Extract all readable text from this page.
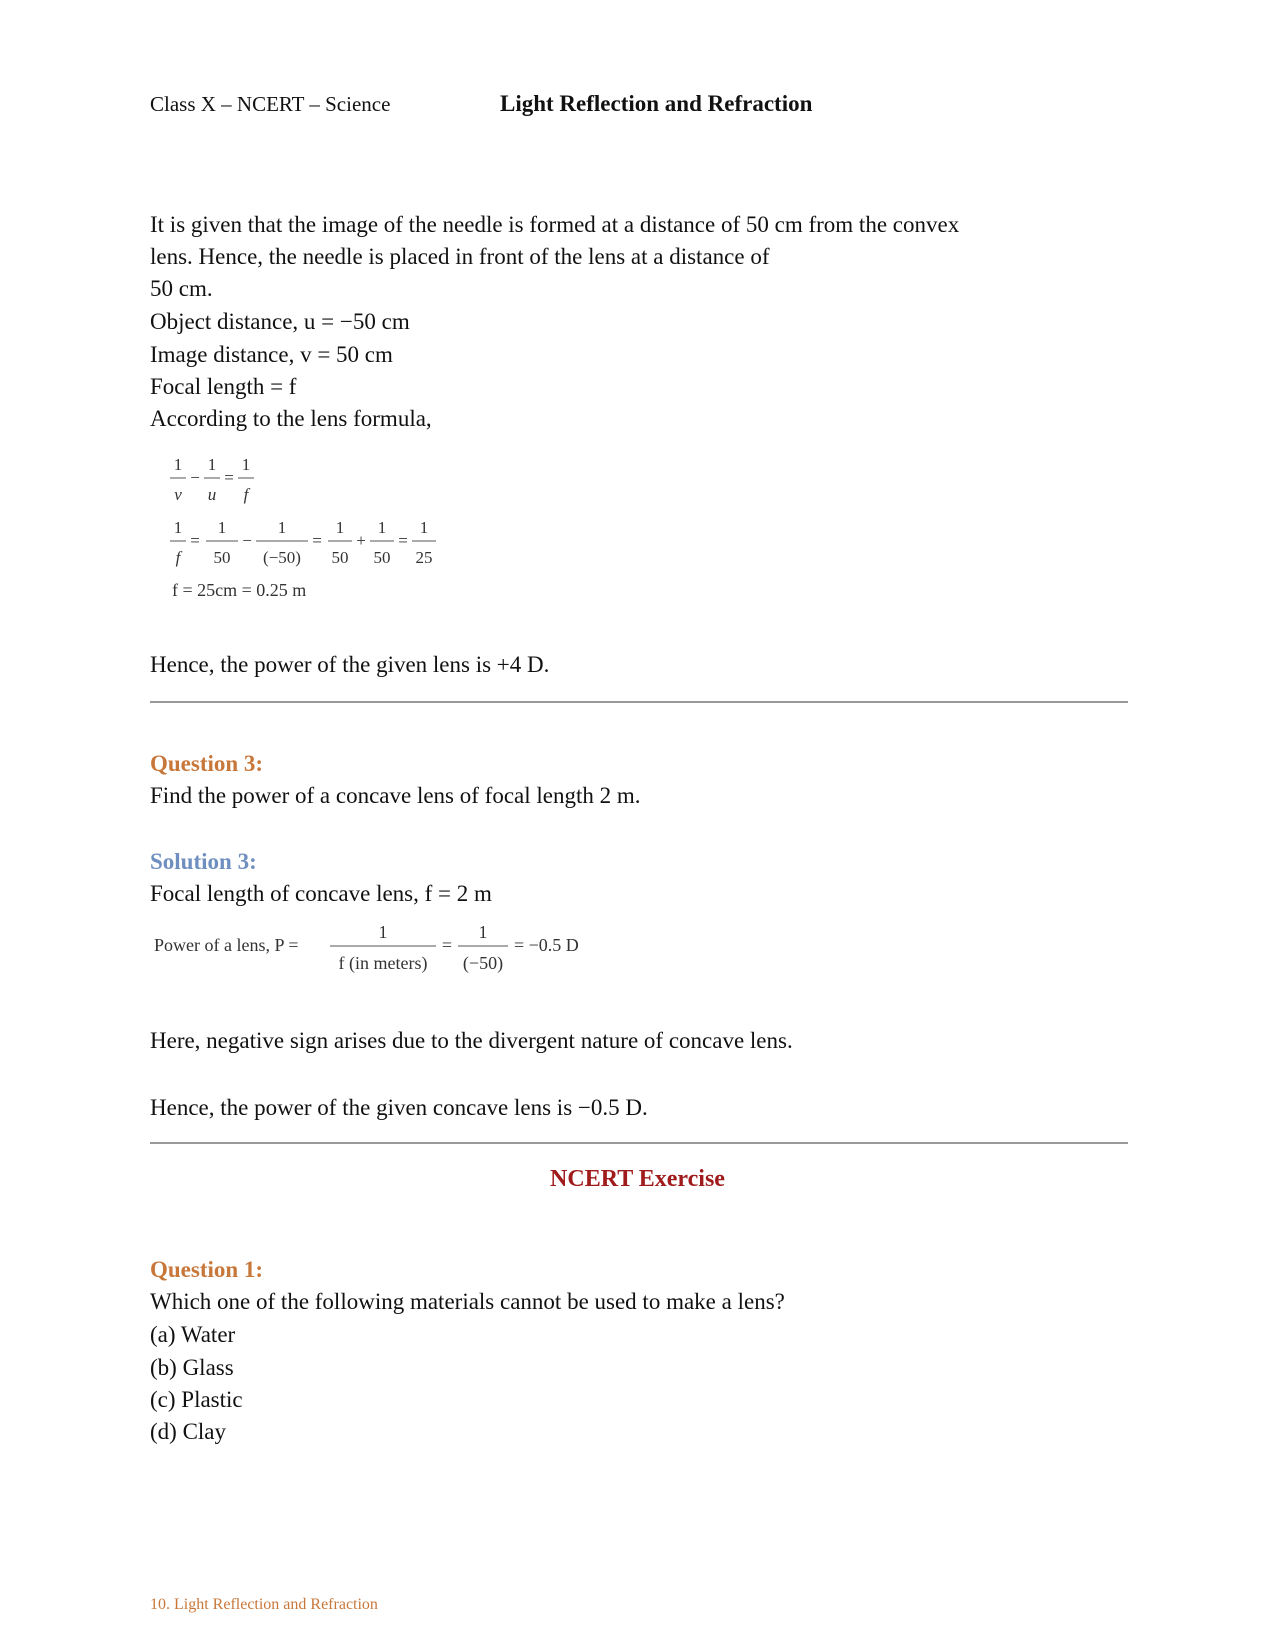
Class X – NCERT – Science	Light Reflection and Refraction
It is given that the image of the needle is formed at a distance of 50 cm from the convex
lens. Hence, the needle is placed in front of the lens at a distance of
50 cm.
Object distance, u = −50 cm
Image distance, v = 50 cm
Focal length = f
According to the lens formula,
1
v
−
1
u
=
1
f
1
f
=
1
50
−
1
(−50)
=
1
50
+
1
50
=
1
25
f = 25cm = 0.25 m
Hence, the power of the given lens is +4 D.
Question 3:
Find the power of a concave lens of focal length 2 m.
Solution 3:
Focal length of concave lens, f = 2 m
Power of a lens, P =
1
f (in meters)
=
1
(−50)
= −0.5 D
Here, negative sign arises due to the divergent nature of concave lens.
Hence, the power of the given concave lens is −0.5 D.
NCERT Exercise
Question 1:
Which one of the following materials cannot be used to make a lens?
(a) Water
(b) Glass
(c) Plastic
(d) Clay
10. Light Reflection and Refraction
